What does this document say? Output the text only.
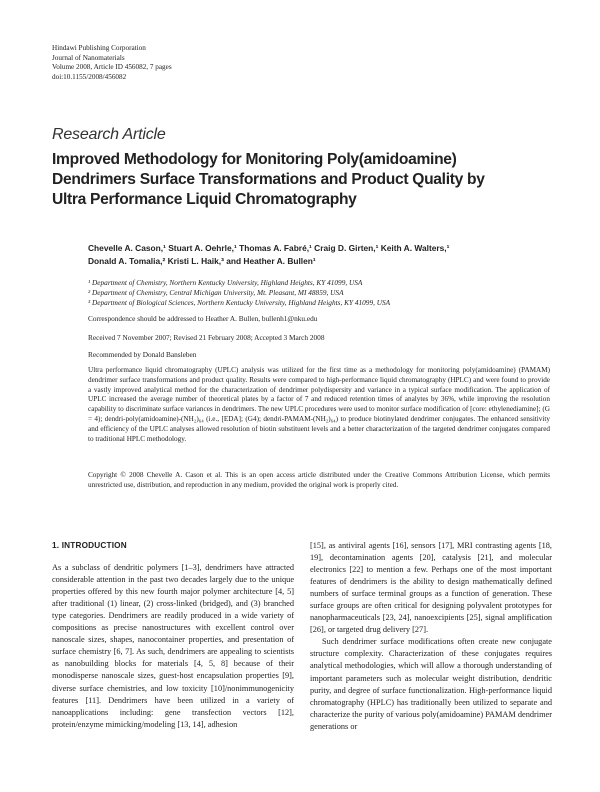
Hindawi Publishing Corporation
Journal of Nanomaterials
Volume 2008, Article ID 456082, 7 pages
doi:10.1155/2008/456082
Research Article
Improved Methodology for Monitoring Poly(amidoamine)
Dendrimers Surface Transformations and Product Quality by
Ultra Performance Liquid Chromatography
Chevelle A. Cason,¹ Stuart A. Oehrle,¹ Thomas A. Fabré,¹ Craig D. Girten,¹ Keith A. Walters,¹
Donald A. Tomalia,² Kristi L. Haik,³ and Heather A. Bullen¹
¹ Department of Chemistry, Northern Kentucky University, Highland Heights, KY 41099, USA
² Department of Chemistry, Central Michigan University, Mt. Pleasant, MI 48859, USA
³ Department of Biological Sciences, Northern Kentucky University, Highland Heights, KY 41099, USA
Correspondence should be addressed to Heather A. Bullen, bullenh1@nku.edu
Received 7 November 2007; Revised 21 February 2008; Accepted 3 March 2008
Recommended by Donald Bansleben
Ultra performance liquid chromatography (UPLC) analysis was utilized for the first time as a methodology for monitoring poly(amidoamine) (PAMAM) dendrimer surface transformations and product quality. Results were compared to high-performance liquid chromatography (HPLC) and were found to provide a vastly improved analytical method for the characterization of dendrimer polydispersity and variance in a typical surface modification. The application of UPLC increased the average number of theoretical plates by a factor of 7 and reduced retention times of analytes by 36%, while improving the resolution capability to discriminate surface variances in dendrimers. The new UPLC procedures were used to monitor surface modification of [core: ethylenediamine]; (G = 4); dendri-poly(amidoamine)-(NH₂)₆₄ (i.e., [EDA]; (G4); dendri-PAMAM-(NH₂)₆₄) to produce biotinylated dendrimer conjugates. The enhanced sensitivity and efficiency of the UPLC analyses allowed resolution of biotin substituent levels and a better characterization of the targeted dendrimer conjugates compared to traditional HPLC methodology.
Copyright © 2008 Chevelle A. Cason et al. This is an open access article distributed under the Creative Commons Attribution License, which permits unrestricted use, distribution, and reproduction in any medium, provided the original work is properly cited.
1. INTRODUCTION

As a subclass of dendritic polymers [1–3], dendrimers have attracted considerable attention in the past two decades largely due to the unique properties offered by this new fourth major polymer architecture [4, 5] after traditional (1) linear, (2) cross-linked (bridged), and (3) branched type categories. Dendrimers are readily produced in a wide variety of compositions as precise nanostructures with excellent control over nanoscale sizes, shapes, nanocontainer properties, and presentation of surface chemistry [6, 7]. As such, dendrimers are appealing to scientists as nanobuilding blocks for materials [4, 5, 8] because of their monodisperse nanoscale sizes, guest-host encapsulation properties [9], diverse surface chemistries, and low toxicity [10]/nonimmunogenicity features [11]. Dendrimers have been utilized in a variety of nanoapplications including: gene transfection vectors [12], protein/enzyme mimicking/modeling [13, 14], adhesion

[15], as antiviral agents [16], sensors [17], MRI contrasting agents [18, 19], decontamination agents [20], catalysis [21], and molecular electronics [22] to mention a few. Perhaps one of the most important features of dendrimers is the ability to design mathematically defined numbers of surface terminal groups as a function of generation. These surface groups are often critical for designing polyvalent prototypes for nanopharmaceuticals [23, 24], nanoexcipients [25], signal amplification [26], or targeted drug delivery [27].

Such dendrimer surface modifications often create new conjugate structure complexity. Characterization of these conjugates requires analytical methodologies, which will allow a thorough understanding of important parameters such as molecular weight distribution, dendritic purity, and degree of surface functionalization. High-performance liquid chromatography (HPLC) has traditionally been utilized to separate and characterize the purity of various poly(amidoamine) PAMAM dendrimer generations or
